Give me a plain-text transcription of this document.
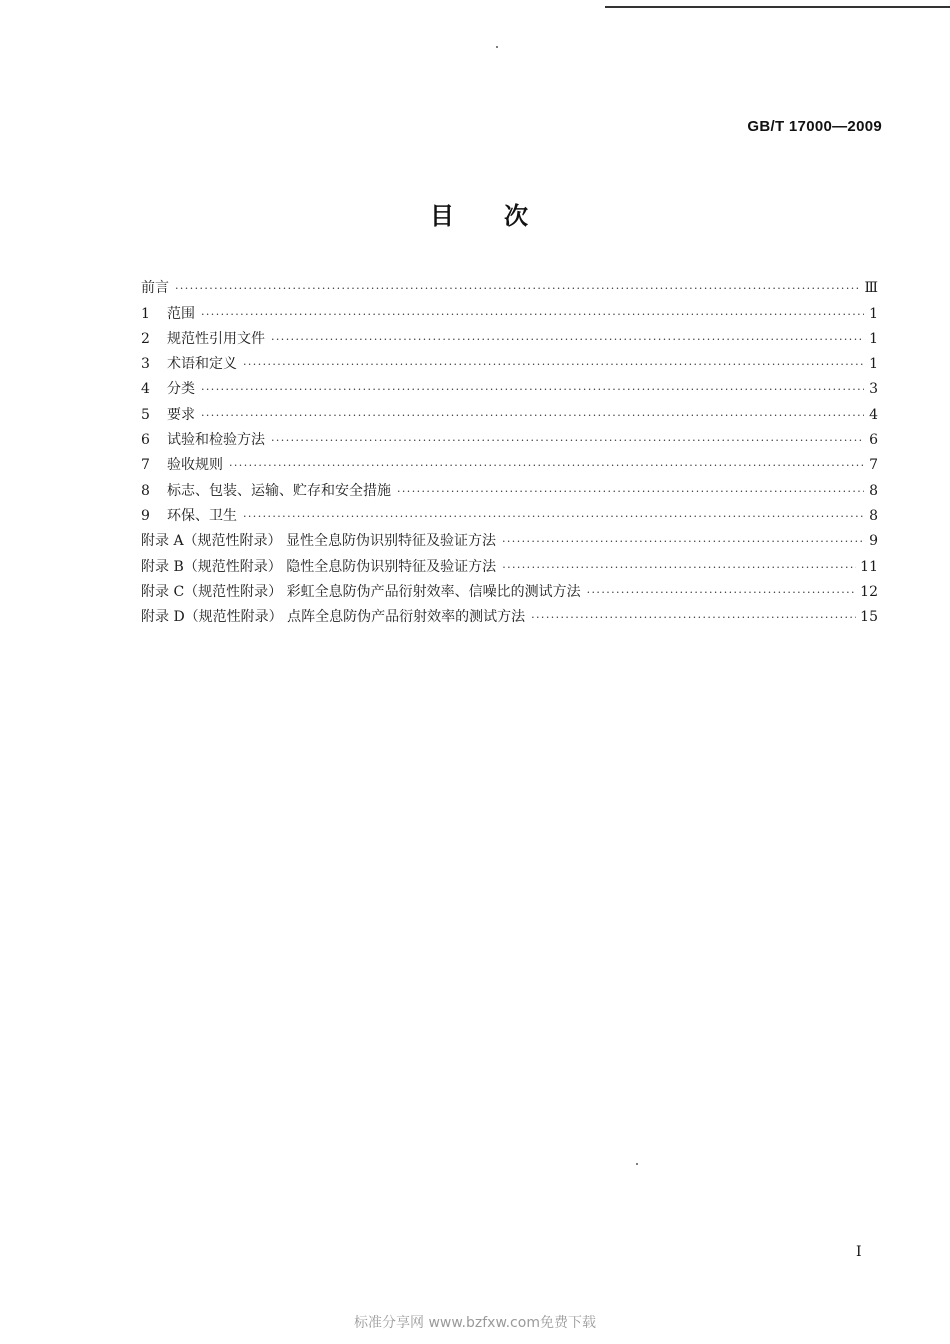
GB/T 17000—2009
目次
前言 ·····	Ⅲ
1	范围 ·····	1
2	规范性引用文件 ·····	1
3	术语和定义 ·····	1
4	分类 ·····	3
5	要求 ·····	4
6	试验和检验方法 ·····	6
7	验收规则 ·····	7
8	标志、包装、运输、贮存和安全措施 ·····	8
9	环保、卫生 ·····	8
附录 A（规范性附录） 显性全息防伪识别特征及验证方法 ·····	9
附录 B（规范性附录） 隐性全息防伪识别特征及验证方法 ·····	11
附录 C（规范性附录） 彩虹全息防伪产品衍射效率、信噪比的测试方法 ·····	12
附录 D（规范性附录） 点阵全息防伪产品衍射效率的测试方法 ·····	15
I
标准分享网 www.bzfxw.com免费下载
